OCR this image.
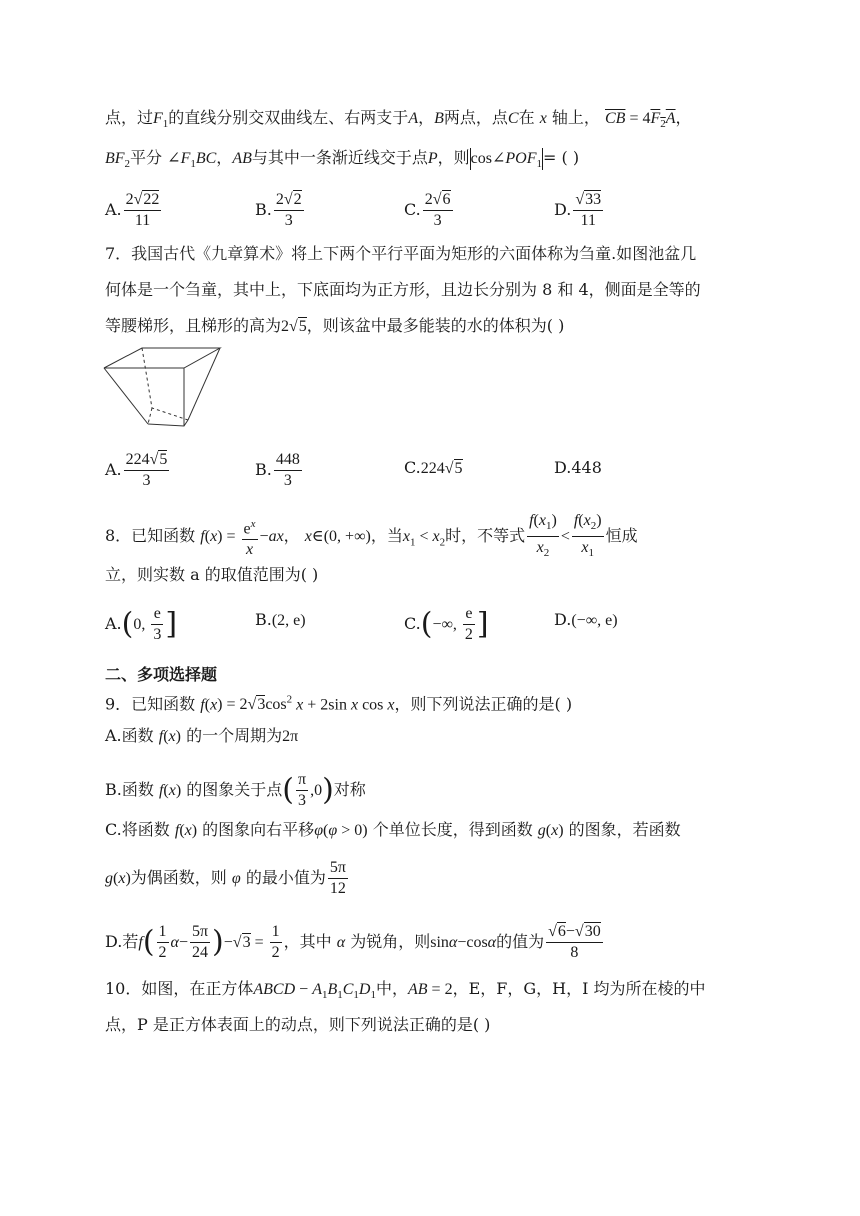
点，过$F_1$的直线分别交双曲线左、右两支于A，B两点，点C在 x 轴上， $\overline{CB} = 4F_2A$，
$BF_2$平分 $\angle F_1BC$，AB与其中一条渐近线交于点P，则$\cos\angle POF_1=$ ( )
A. $\frac{2√22}{11}$	B. $\frac{2√2}{3}$	C. $\frac{2√6}{3}$	D. $\frac{√33}{11}$
7．我国古代《九章算术》将上下两个平行平面为矩形的六面体称为刍童.如图池盆几
何体是一个刍童，其中上，下底面均为正方形，且边长分别为 8 和 4，侧面是全等的
等腰梯形，且梯形的高为2√5，则该盆中最多能装的水的体积为( )
A. $\frac{224√5}{3}$	B. $\frac{448}{3}$	C.224√5	D.448
8．已知函数 $f(x) = \frac{e^x}{x} -ax$， x∈(0, +∞)，当$x_1 < x_2$时，不等式 $\frac{f(x_1)}{x_2} < \frac{f(x_2)}{x_1}$ 恒成
立，则实数 a 的取值范围为( )
A.(0, $\frac{e}{3}$ ]	B.(2, e)	C.(−∞, $\frac{e}{2}$ ]	D.(−∞, e)
二、多项选择题
9．已知函数 $f(x) = 2√3\cos^2$ x + 2sin x cos x，则下列说法正确的是( )
A.函数 f(x) 的一个周期为2π
B.函数 f(x) 的图象关于点( $\frac{\pi}{3} ,0$)对称
C.将函数 f(x) 的图象向右平移φ(φ > 0) 个单位长度，得到函数 g(x) 的图象，若函数
g(x)为偶函数，则 φ 的最小值为 $\frac{5\pi}{12}$
D.若$f( \frac{1}{2} \alpha- \frac{5\pi}{24} )-√3 = \frac{1}{2}$ ，其中 α 为锐角，则sinα−cosα的值为 $\frac{√6-√30}{8}$
10．如图，在正方体ABCD − $A_1B_1C_1D_1$中，AB = 2，E，F，G，H，I 均为所在棱的中
点，P 是正方体表面上的动点，则下列说法正确的是( )
